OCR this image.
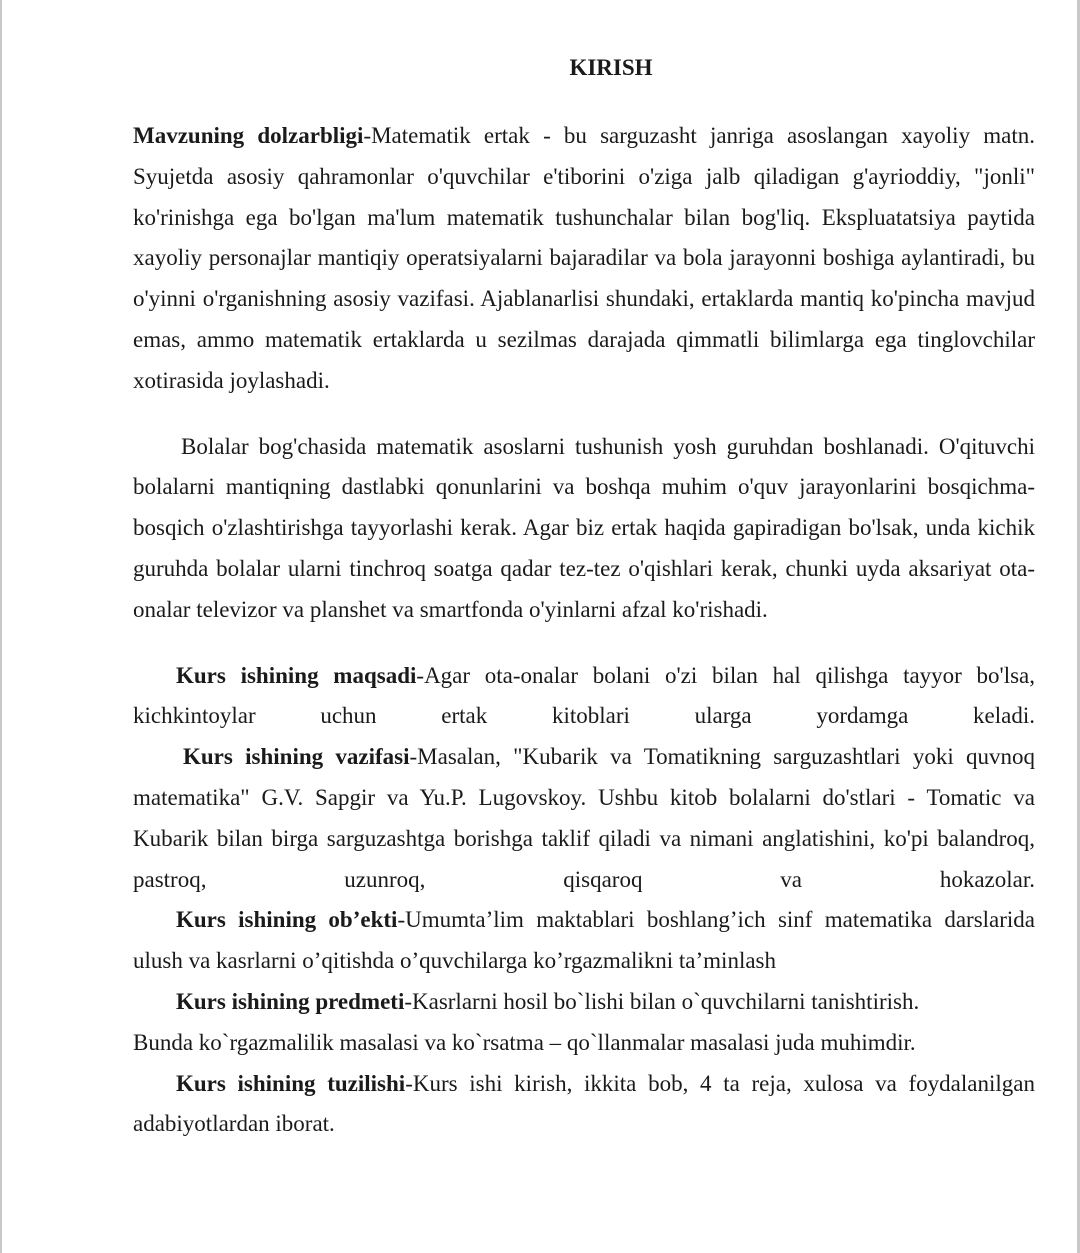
KIRISH

Mavzuning dolzarbligi-Matematik ertak - bu sarguzasht janriga asoslangan xayoliy matn. Syujetda asosiy qahramonlar o'quvchilar e'tiborini o'ziga jalb qiladigan g'ayrioddiy, "jonli" ko'rinishga ega bo'lgan ma'lum matematik tushunchalar bilan bog'liq. Ekspluatatsiya paytida xayoliy personajlar mantiqiy operatsiyalarni bajaradilar va bola jarayonni boshiga aylantiradi, bu o'yinni o'rganishning asosiy vazifasi. Ajablanarlisi shundaki, ertaklarda mantiq ko'pincha mavjud emas, ammo matematik ertaklarda u sezilmas darajada qimmatli bilimlarga ega tinglovchilar xotirasida joylashadi.

Bolalar bog'chasida matematik asoslarni tushunish yosh guruhdan boshlanadi. O'qituvchi bolalarni mantiqning dastlabki qonunlarini va boshqa muhim o'quv jarayonlarini bosqichma-bosqich o'zlashtirishga tayyorlashi kerak. Agar biz ertak haqida gapiradigan bo'lsak, unda kichik guruhda bolalar ularni tinchroq soatga qadar tez-tez o'qishlari kerak, chunki uyda aksariyat ota-onalar televizor va planshet va smartfonda o'yinlarni afzal ko'rishadi.

Kurs ishining maqsadi-Agar ota-onalar bolani o'zi bilan hal qilishga tayyor bo'lsa, kichkintoylar uchun ertak kitoblari ularga yordamga keladi.

Kurs ishining vazifasi-Masalan, "Kubarik va Tomatikning sarguzashtlari yoki quvnoq matematika" G.V. Sapgir va Yu.P. Lugovskoy. Ushbu kitob bolalarni do'stlari - Tomatic va Kubarik bilan birga sarguzashtga borishga taklif qiladi va nimani anglatishini, ko'pi balandroq, pastroq, uzunroq, qisqaroq va hokazolar.

Kurs ishining ob’ekti-Umumta’lim maktablari boshlang’ich sinf matematika darslarida ulush va kasrlarni o’qitishda o’quvchilarga ko’rgazmalikni ta’minlash

Kurs ishining predmeti-Kasrlarni hosil bo`lishi bilan o`quvchilarni tanishtirish.

Bunda ko`rgazmalilik masalasi va ko`rsatma – qo`llanmalar masalasi juda muhimdir.

Kurs ishining tuzilishi-Kurs ishi kirish, ikkita bob, 4 ta reja, xulosa va foydalanilgan adabiyotlardan iborat.
